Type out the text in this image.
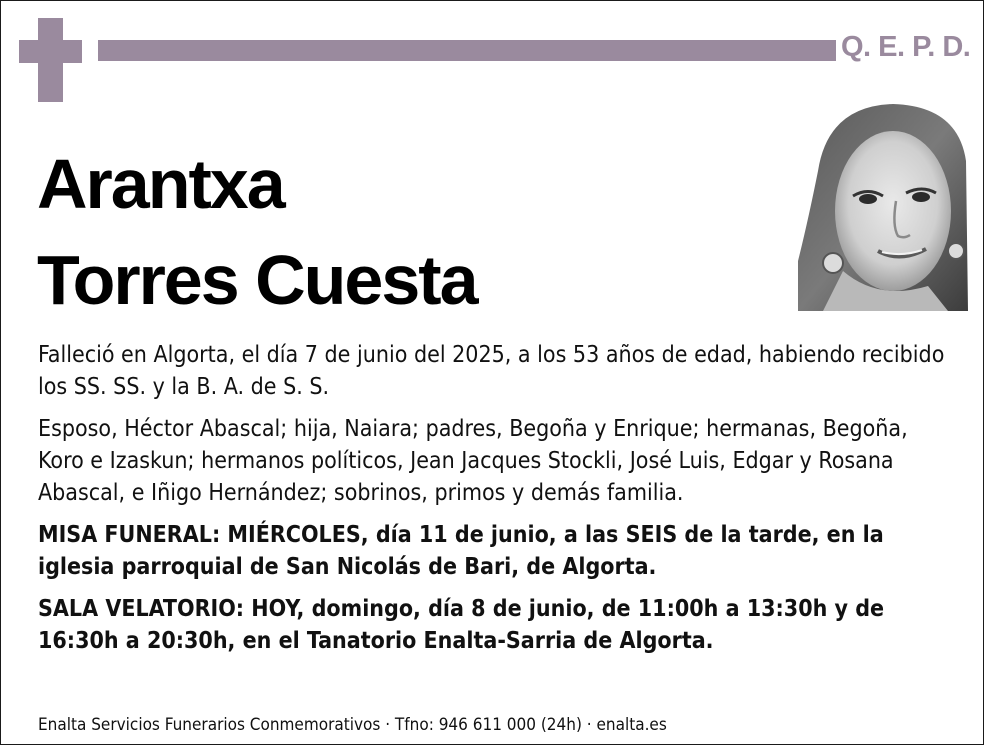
Q. E. P. D.
Arantxa
Torres Cuesta

Falleció en Algorta, el día 7 de junio del 2025, a los 53 años de edad, habiendo recibido los SS. SS. y la B. A. de S. S.

Esposo, Héctor Abascal; hija, Naiara; padres, Begoña y Enrique; hermanas, Begoña, Koro e Izaskun; hermanos políticos, Jean Jacques Stockli, José Luis, Edgar y Rosana Abascal, e Iñigo Hernández; sobrinos, primos y demás familia.

MISA FUNERAL: MIÉRCOLES, día 11 de junio, a las SEIS de la tarde, en la iglesia parroquial de San Nicolás de Bari, de Algorta.

SALA VELATORIO: HOY, domingo, día 8 de junio, de 11:00h a 13:30h y de 16:30h a 20:30h, en el Tanatorio Enalta-Sarria de Algorta.

Enalta Servicios Funerarios Conmemorativos · Tfno: 946 611 000 (24h) · enalta.es
